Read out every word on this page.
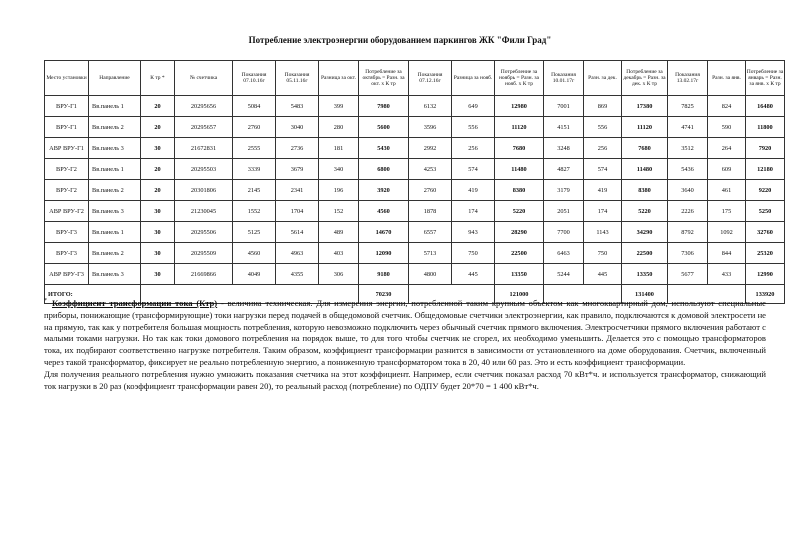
Потребление электроэнергии оборудованием паркингов ЖК "Фили Град"
Место установки	Направление	К тр *	№ счетчика	Показания 07.10.16г	Показания 05.11.16г	Разница за окт.	Потребление за октябрь = Разн. за окт. х К тр	Показания 07.12.16г	Разница за нояб.	Потребление за ноябрь = Разн. за нояб. х К тр	Показания 10.01.17г	Разн. за дек.	Потребление за декабрь = Разн. за дек. х К тр	Показания 13.02.17г	Разн. за янв.	Потребление за январь = Разн. за янв. х К тр
ВРУ-Г1	Вв.панель 1	20	20295656	5084	5483	399	7980	6132	649	12980	7001	869	17380	7825	824	16480
ВРУ-Г1	Вв.панель 2	20	20295657	2760	3040	280	5600	3596	556	11120	4151	556	11120	4741	590	11800
АВР ВРУ-Г1	Вв.панель 3	30	21672831	2555	2736	181	5430	2992	256	7680	3248	256	7680	3512	264	7920
ВРУ-Г2	Вв.панель 1	20	20295503	3339	3679	340	6800	4253	574	11480	4827	574	11480	5436	609	12180
ВРУ-Г2	Вв.панель 2	20	20301806	2145	2341	196	3920	2760	419	8380	3179	419	8380	3640	461	9220
АВР ВРУ-Г2	Вв.панель 3	30	21230045	1552	1704	152	4560	1878	174	5220	2051	174	5220	2226	175	5250
ВРУ-Г3	Вв.панель 1	30	20295506	5125	5614	489	14670	6557	943	28290	7700	1143	34290	8792	1092	32760
ВРУ-Г3	Вв.панель 2	30	20295509	4560	4963	403	12090	5713	750	22500	6463	750	22500	7306	844	25320
АВР ВРУ-Г3	Вв.панель 3	30	21669866	4049	4355	306	9180	4800	445	13350	5244	445	13350	5677	433	12990
ИТОГО:							70230			121000			131400			133920

* Коэффициент трансформации тока (Ктр) - величина техническая. Для измерения энергии, потребленной таким крупным объектом как многоквартирный дом, используют специальные приборы, понижающие (трансформирующие) токи нагрузки перед подачей в общедомовой счетчик. Общедомовые счетчики электроэнергии, как правило, подключаются к домовой электросети не на прямую, так как у потребителя большая мощность потребления, которую невозможно подключить через обычный счетчик прямого включения. Электросчетчики прямого включения работают с малыми токами нагрузки. Но так как токи домового потребления на порядок выше, то для того чтобы счетчик не сгорел, их необходимо уменьшить. Делается это с помощью трансформаторов тока, их подбирают соответственно нагрузке потребителя. Таким образом, коэффициент трансформации разнится в зависимости от установленного на доме оборудования. Счетчик, включенный через такой трансформатор, фиксирует не реально потребленную энергию, а пониженную трансформатором тока в 20, 40 или 60 раз. Это и есть коэффициент трансформации.

Для получения реального потребления нужно умножить показания счетчика на этот коэффициент. Например, если счетчик показал расход 70 кВт*ч. и используется трансформатор, снижающий ток нагрузки в 20 раз (коэффициент трансформации равен 20), то реальный расход (потребление) по ОДПУ будет 20*70 = 1 400 кВт*ч.
